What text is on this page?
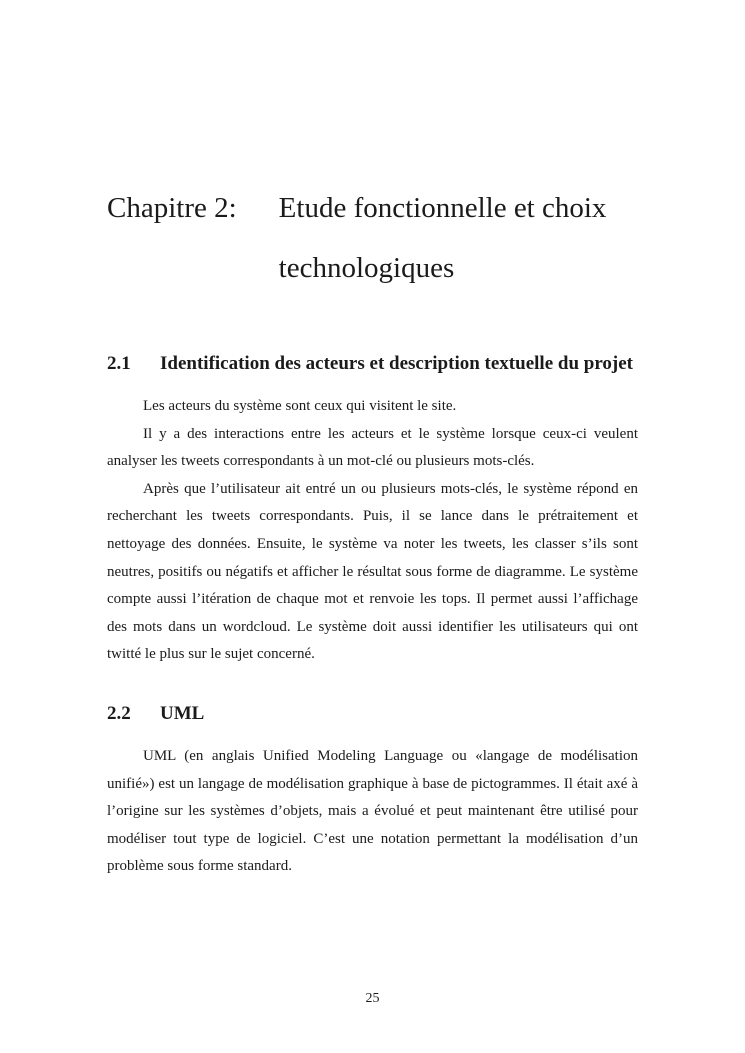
Chapitre 2: Etude fonctionnelle et choix
technologiques
2.1 Identification des acteurs et description textuelle du projet

Les acteurs du système sont ceux qui visitent le site.

Il y a des interactions entre les acteurs et le système lorsque ceux-ci veulent analyser les tweets correspondants à un mot-clé ou plusieurs mots-clés.

Après que l’utilisateur ait entré un ou plusieurs mots-clés, le système répond en recherchant les tweets correspondants. Puis, il se lance dans le prétraitement et nettoyage des données. Ensuite, le système va noter les tweets, les classer s’ils sont neutres, positifs ou négatifs et afficher le résultat sous forme de diagramme. Le système compte aussi l’itération de chaque mot et renvoie les tops. Il permet aussi l’affichage des mots dans un wordcloud. Le système doit aussi identifier les utilisateurs qui ont twitté le plus sur le sujet concerné.

2.2 UML

UML (en anglais Unified Modeling Language ou «langage de modélisation unifié») est un langage de modélisation graphique à base de pictogrammes. Il était axé à l’origine sur les systèmes d’objets, mais a évolué et peut maintenant être utilisé pour modéliser tout type de logiciel. C’est une notation permettant la modélisation d’un problème sous forme standard.

25
